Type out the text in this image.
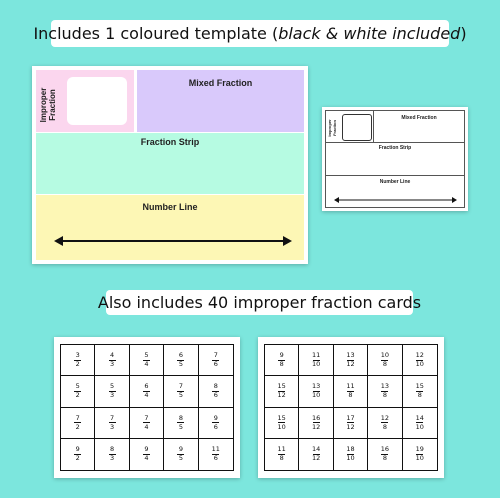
Includes 1 coloured template ( black & white included )
Improper Fraction
Mixed Fraction
Fraction Strip
Number Line
Improper Fraction
Mixed Fraction
Fraction Strip
Number Line
Also includes 40 improper fraction cards
$\frac{3}{2}$	$\frac{4}{3}$	$\frac{5}{4}$	$\frac{6}{5}$	$\frac{7}{6}$
$\frac{5}{2}$	$\frac{5}{3}$	$\frac{6}{4}$	$\frac{7}{5}$	$\frac{8}{6}$
$\frac{7}{2}$	$\frac{7}{3}$	$\frac{7}{4}$	$\frac{8}{5}$	$\frac{9}{6}$
$\frac{9}{2}$	$\frac{8}{3}$	$\frac{9}{4}$	$\frac{9}{5}$	$\frac{11}{6}$
$\frac{9}{8}$	$\frac{11}{10}$	$\frac{13}{12}$	$\frac{10}{8}$	$\frac{12}{10}$
$\frac{15}{12}$	$\frac{13}{10}$	$\frac{11}{8}$	$\frac{13}{8}$	$\frac{15}{8}$
$\frac{15}{10}$	$\frac{16}{12}$	$\frac{17}{12}$	$\frac{12}{8}$	$\frac{14}{10}$
$\frac{11}{8}$	$\frac{14}{12}$	$\frac{18}{10}$	$\frac{16}{8}$	$\frac{19}{10}$
